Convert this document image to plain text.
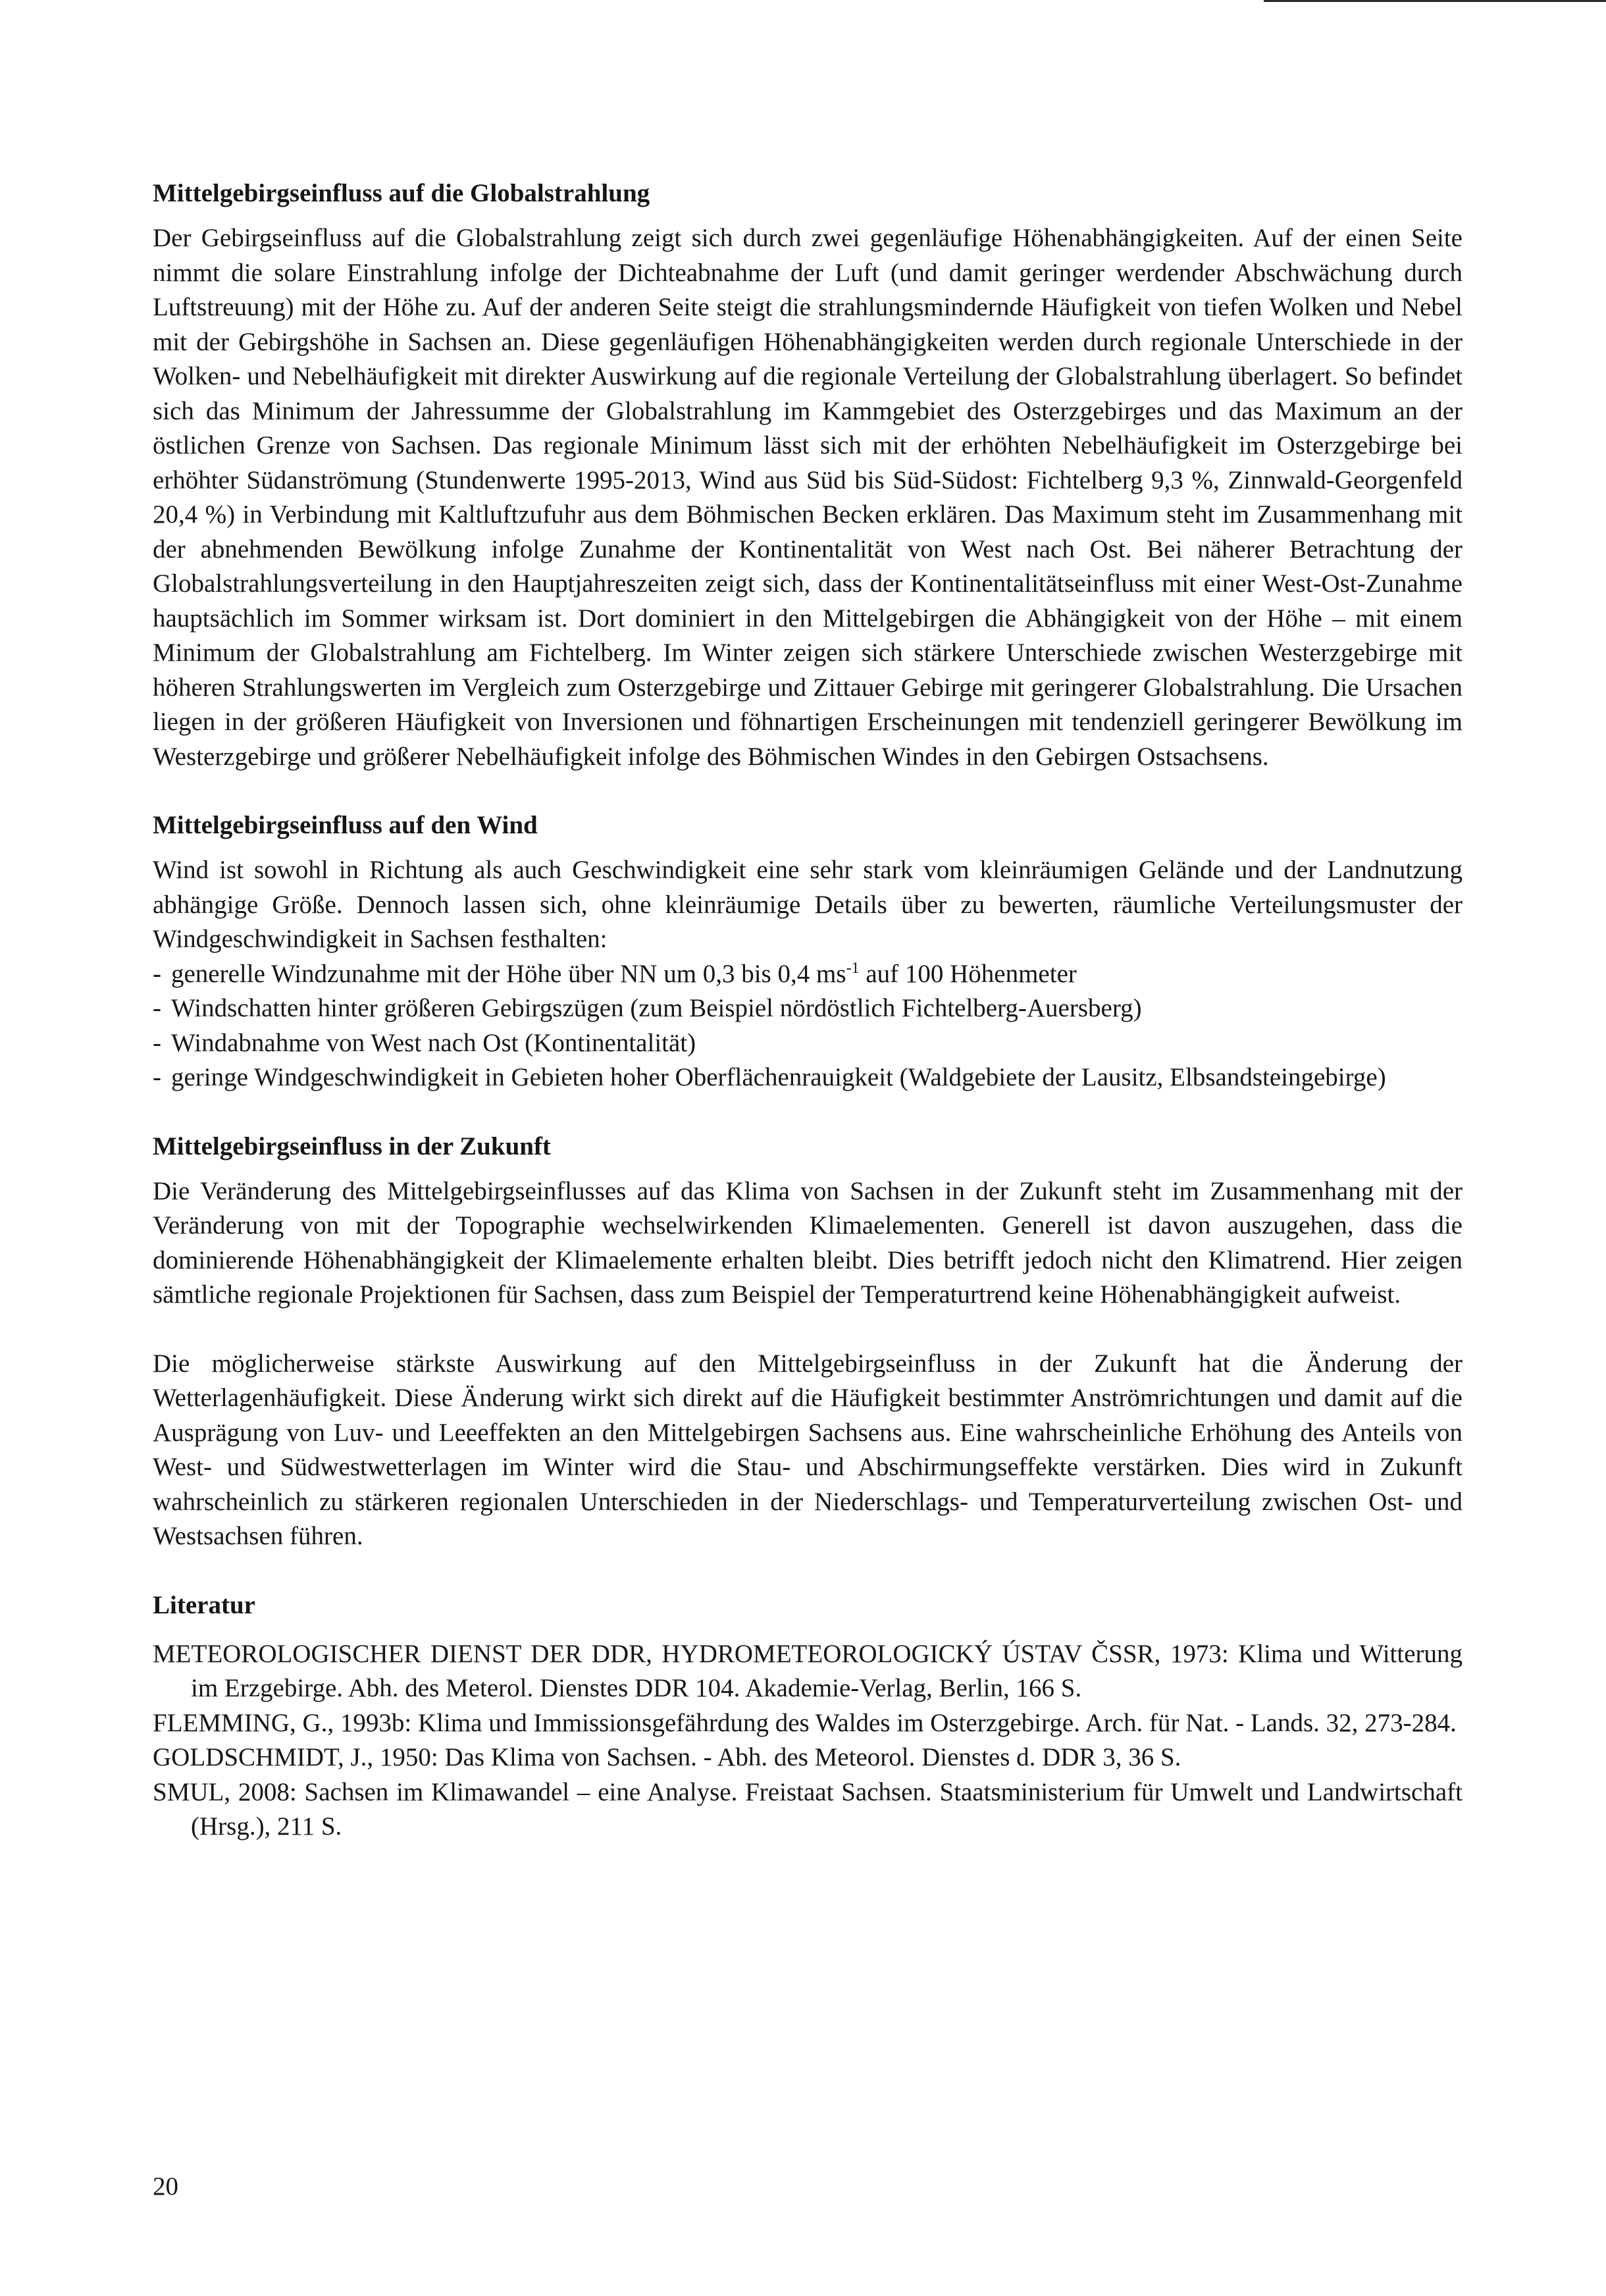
Mittelgebirgseinfluss auf die Globalstrahlung

Der Gebirgseinfluss auf die Globalstrahlung zeigt sich durch zwei gegenläufige Höhenabhängigkeiten. Auf der einen Seite nimmt die solare Einstrahlung infolge der Dichteabnahme der Luft (und damit geringer werdender Abschwächung durch Luftstreuung) mit der Höhe zu. Auf der anderen Seite steigt die strahlungsmindernde Häufigkeit von tiefen Wolken und Nebel mit der Gebirgshöhe in Sachsen an. Diese gegenläufigen Höhenabhängigkeiten werden durch regionale Unterschiede in der Wolken- und Nebelhäufigkeit mit direkter Auswirkung auf die regionale Verteilung der Globalstrahlung überlagert. So befindet sich das Minimum der Jahressumme der Globalstrahlung im Kammgebiet des Osterzgebirges und das Maximum an der östlichen Grenze von Sachsen. Das regionale Minimum lässt sich mit der erhöhten Nebelhäufigkeit im Osterzgebirge bei erhöhter Südanströmung (Stundenwerte 1995-2013, Wind aus Süd bis Süd-Südost: Fichtelberg 9,3 %, Zinnwald-Georgenfeld 20,4 %) in Verbindung mit Kaltluftzufuhr aus dem Böhmischen Becken erklären. Das Maximum steht im Zusammenhang mit der abnehmenden Bewölkung infolge Zunahme der Kontinentalität von West nach Ost. Bei näherer Betrachtung der Globalstrahlungsverteilung in den Hauptjahreszeiten zeigt sich, dass der Kontinentalitätseinfluss mit einer West-Ost-Zunahme hauptsächlich im Sommer wirksam ist. Dort dominiert in den Mittelgebirgen die Abhängigkeit von der Höhe – mit einem Minimum der Globalstrahlung am Fichtelberg. Im Winter zeigen sich stärkere Unterschiede zwischen Westerzgebirge mit höheren Strahlungswerten im Vergleich zum Osterzgebirge und Zittauer Gebirge mit geringerer Globalstrahlung. Die Ursachen liegen in der größeren Häufigkeit von Inversionen und föhnartigen Erscheinungen mit tendenziell geringerer Bewölkung im Westerzgebirge und größerer Nebelhäufigkeit infolge des Böhmischen Windes in den Gebirgen Ostsachsens.

Mittelgebirgseinfluss auf den Wind

Wind ist sowohl in Richtung als auch Geschwindigkeit eine sehr stark vom kleinräumigen Gelände und der Landnutzung abhängige Größe. Dennoch lassen sich, ohne kleinräumige Details über zu bewerten, räumliche Verteilungsmuster der Windgeschwindigkeit in Sachsen festhalten:

- generelle Windzunahme mit der Höhe über NN um 0,3 bis 0,4 $ms^{-1}$ auf 100 Höhenmeter
- Windschatten hinter größeren Gebirgszügen (zum Beispiel nördöstlich Fichtelberg-Auersberg)
- Windabnahme von West nach Ost (Kontinentalität)
- geringe Windgeschwindigkeit in Gebieten hoher Oberflächenrauigkeit (Waldgebiete der Lausitz, Elbsandsteingebirge)
Mittelgebirgseinfluss in der Zukunft

Die Veränderung des Mittelgebirgseinflusses auf das Klima von Sachsen in der Zukunft steht im Zusammenhang mit der Veränderung von mit der Topographie wechselwirkenden Klimaelementen. Generell ist davon auszugehen, dass die dominierende Höhenabhängigkeit der Klimaelemente erhalten bleibt. Dies betrifft jedoch nicht den Klimatrend. Hier zeigen sämtliche regionale Projektionen für Sachsen, dass zum Beispiel der Temperaturtrend keine Höhenabhängigkeit aufweist.

Die möglicherweise stärkste Auswirkung auf den Mittelgebirgseinfluss in der Zukunft hat die Änderung der Wetterlagenhäufigkeit. Diese Änderung wirkt sich direkt auf die Häufigkeit bestimmter Anströmrichtungen und damit auf die Ausprägung von Luv- und Leeeffekten an den Mittelgebirgen Sachsens aus. Eine wahrscheinliche Erhöhung des Anteils von West- und Südwestwetterlagen im Winter wird die Stau- und Abschirmungseffekte verstärken. Dies wird in Zukunft wahrscheinlich zu stärkeren regionalen Unterschieden in der Niederschlags- und Temperaturverteilung zwischen Ost- und Westsachsen führen.

Literatur

METEOROLOGISCHER DIENST DER DDR, HYDROMETEOROLOGICKÝ ÚSTAV ČSSR, 1973: Klima und Witterung im Erzgebirge. Abh. des Meterol. Dienstes DDR 104. Akademie-Verlag, Berlin, 166 S.

FLEMMING, G., 1993b: Klima und Immissionsgefährdung des Waldes im Osterzgebirge. Arch. für Nat. - Lands. 32, 273-284.

GOLDSCHMIDT, J., 1950: Das Klima von Sachsen. - Abh. des Meteorol. Dienstes d. DDR 3, 36 S.

SMUL, 2008: Sachsen im Klimawandel – eine Analyse. Freistaat Sachsen. Staatsministerium für Umwelt und Landwirtschaft (Hrsg.), 211 S.

20
